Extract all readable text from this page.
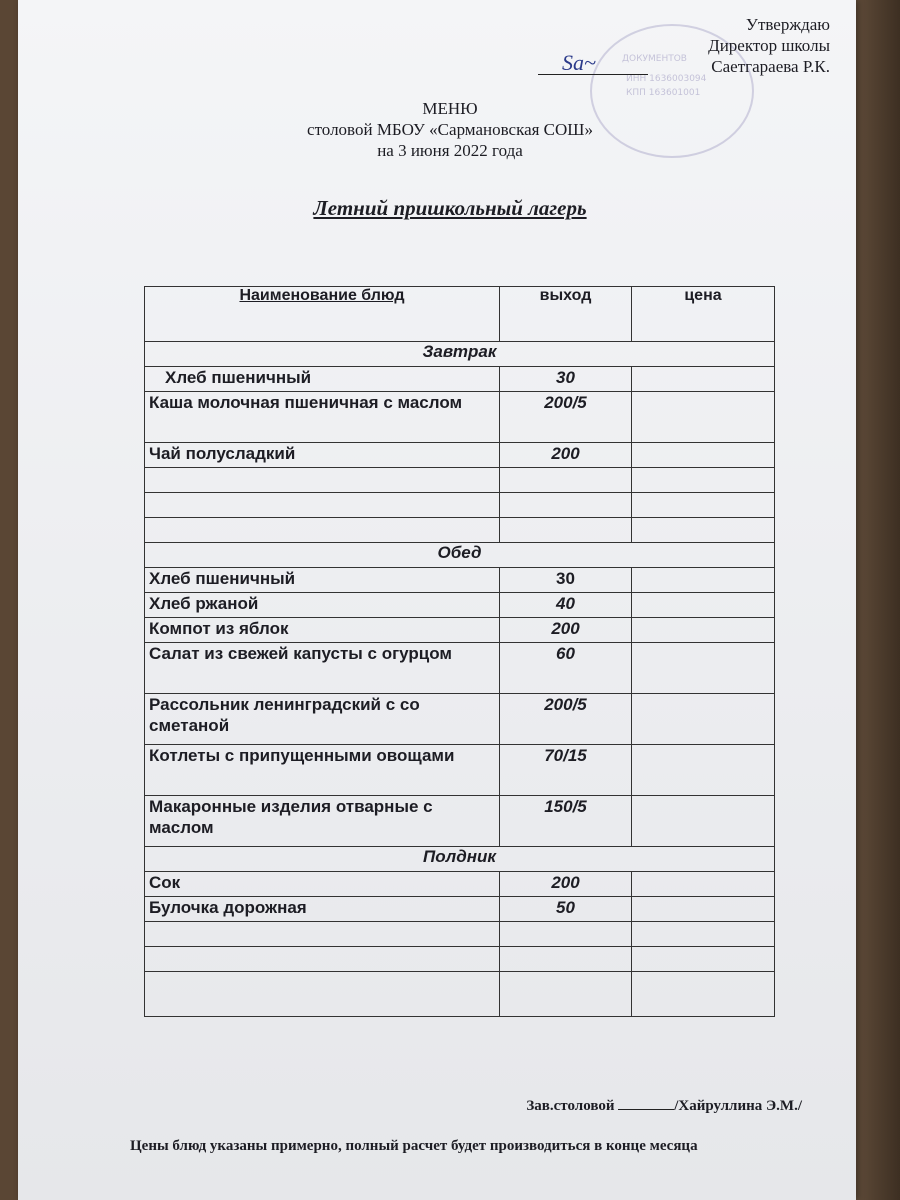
ДОКУМЕНТОВ
ИНН 1636003094
КПП 163601001
Sa~
Утверждаю
Директор школы
Саетгараева Р.К.
МЕНЮ
столовой МБОУ «Сармановская СОШ»
на 3 июня 2022 года
Летний пришкольный лагерь
Наименование блюд	выход	цена
Завтрак		
Хлеб пшеничный	30	
Каша молочная пшеничная с маслом	200/5	
Чай полусладкий	200	

Обед		
Хлеб пшеничный	30	
Хлеб ржаной	40	
Компот из яблок	200	
Салат из свежей капусты с огурцом	60	
Рассольник ленинградский с со сметаной	200/5	
Котлеты с припущенными овощами	70/15	
Макаронные изделия отварные с маслом	150/5	
Полдник		
Сок	200	
Булочка дорожная	50	

Зав.столовой	/Хайруллина Э.М./
Цены блюд указаны примерно, полный расчет будет производиться в конце месяца
